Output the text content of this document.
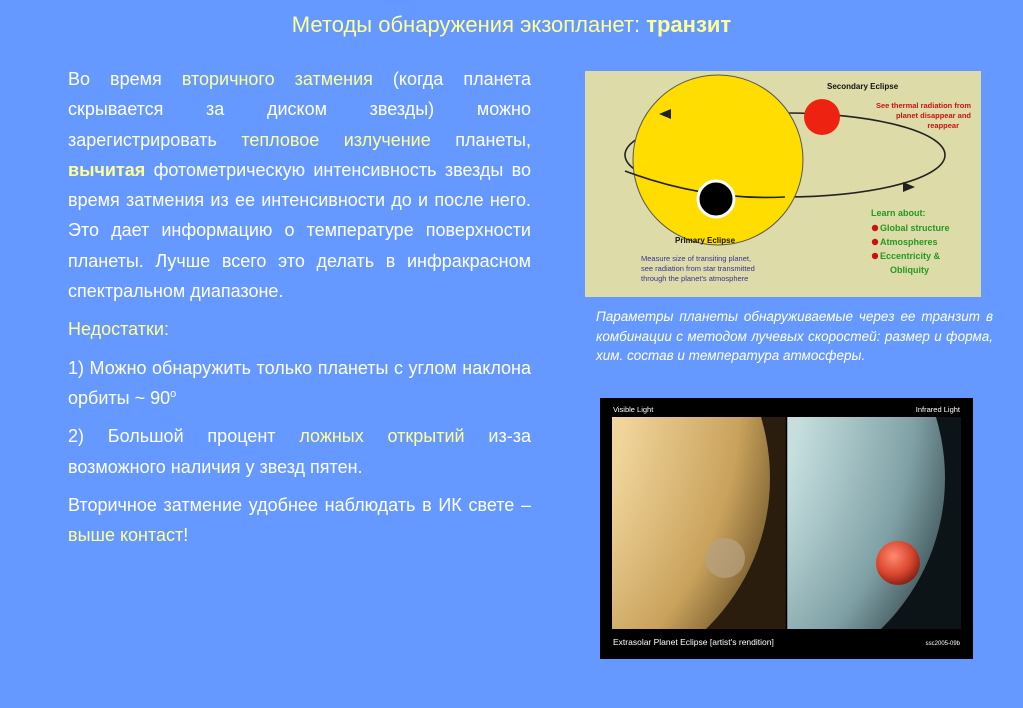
Методы обнаружения экзопланет: транзит

Во время вторичного затмения (когда планета скрывается за диском звезды) можно зарегистрировать тепловое излучение планеты, вычитая фотометрическую интенсивность звезды во время затмения из ее интенсивности до и после него. Это дает информацию о температуре поверхности планеты. Лучше всего это делать в инфракрасном спектральном диапазоне.

Недостатки:

1) Можно обнаружить только планеты с углом наклона орбиты ~ $90^о$

2) Большой процент ложных открытий из-за возможного наличия у звезд пятен.

Вторичное затмение удобнее наблюдать в ИК свете – выше контаст!

Secondary Eclipse
See thermal radiation from
planet disappear and
reappear
Primary Eclipse
Measure size of transiting planet,
see radiation from star transmitted
through the planet's atmosphere
Learn about:
Global structure
Atmospheres
Eccentricity &
Obliquity
Параметры планеты обнаруживаемые через ее транзит в комбинации с методом лучевых скоростей: размер и форма, хим. состав и температура атмосферы.
Visible Light	Infrared Light
Extrasolar Planet Eclipse [artist's rendition]	ssc2005-09b
